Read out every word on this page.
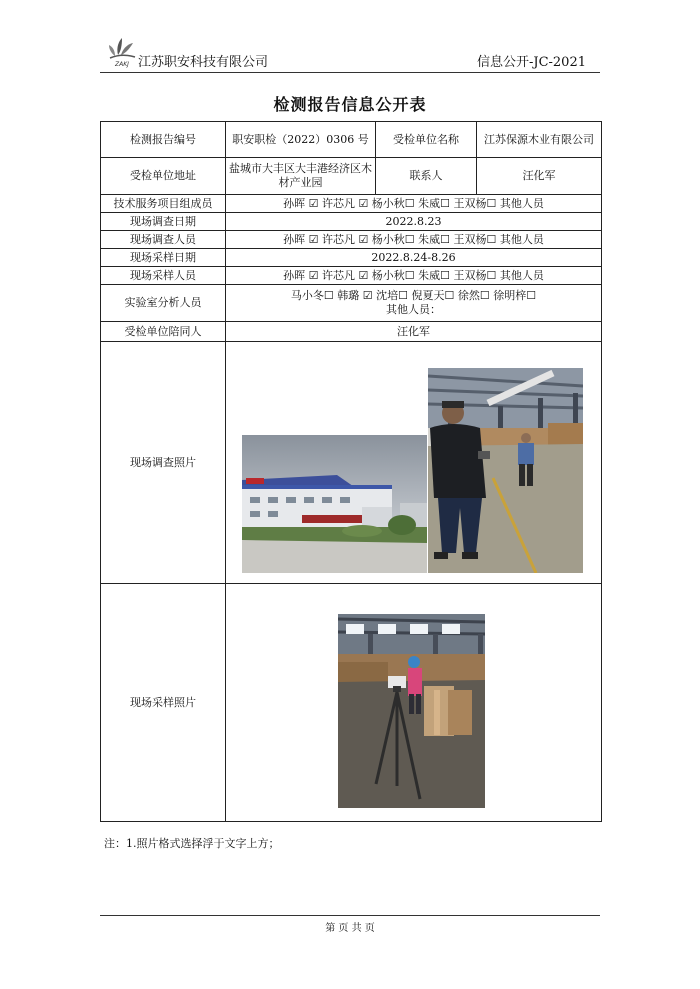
ZAKJ 江苏职安科技有限公司	信息公开-JC-2021
检测报告信息公开表
检测报告编号	职安职检（2022）0306 号	受检单位名称	江苏保源木业有限公司
受检单位地址	盐城市大丰区大丰港经济区木材产业园	联系人	汪化军
技术服务项目组成员	孙晖 ☑ 许芯凡 ☑ 杨小秋☐ 朱威☐ 王双杨☐ 其他人员		
现场调查日期	2022.8.23		
现场调查人员	孙晖 ☑ 许芯凡 ☑ 杨小秋☐ 朱威☐ 王双杨☐ 其他人员		
现场采样日期	2022.8.24-8.26		
现场采样人员	孙晖 ☑ 许芯凡 ☑ 杨小秋☐ 朱威☐ 王双杨☐ 其他人员		
实验室分析人员	马小冬☐ 韩璐 ☑ 沈培☐ 倪夏天☐ 徐然☐ 徐明梓☐
其他人员：		

受检单位陪同人	汪化军		
现场调查照片			
现场采样照片			
注：1.照片格式选择浮于文字上方；
第 页 共 页
